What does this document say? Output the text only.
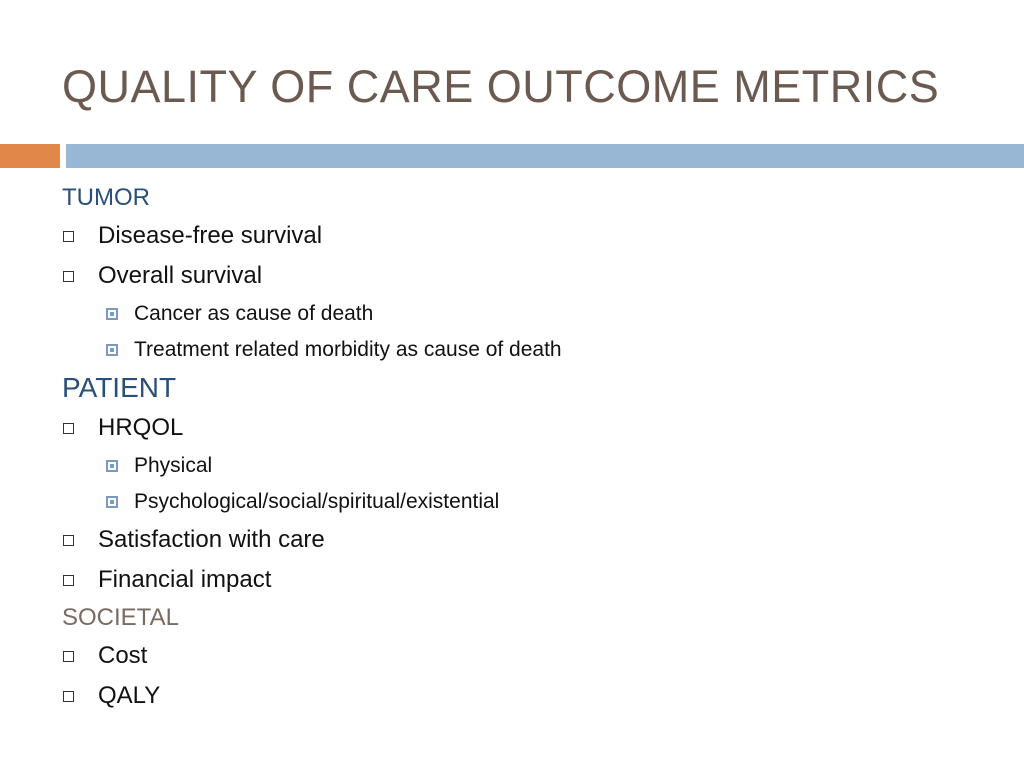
QUALITY OF CARE OUTCOME METRICS
TUMOR
Disease-free survival
Overall survival
Cancer as cause of death
Treatment related morbidity as cause of death
PATIENT
HRQOL
Physical
Psychological/social/spiritual/existential
Satisfaction with care
Financial impact
SOCIETAL
Cost
QALY
